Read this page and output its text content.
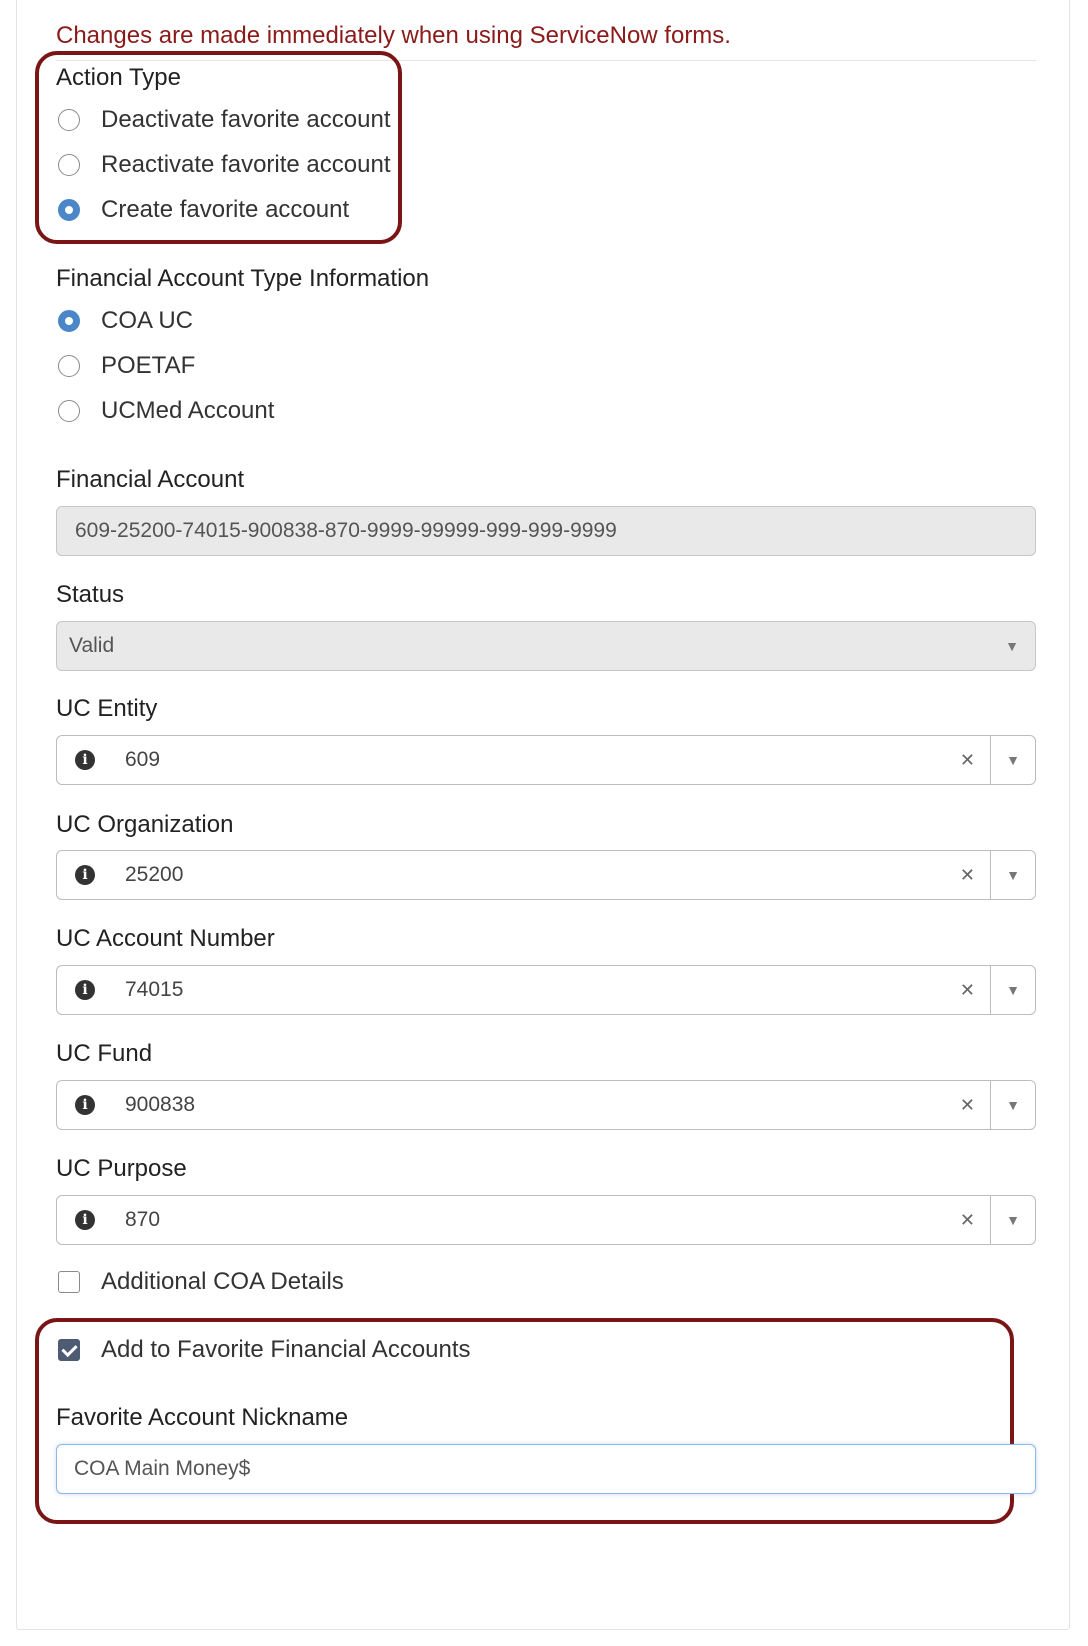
Changes are made immediately when using ServiceNow forms.
Action Type
Deactivate favorite account
Reactivate favorite account
Create favorite account
Financial Account Type Information
COA UC
POETAF
UCMed Account
Financial Account
609-25200-74015-900838-870-9999-99999-999-999-9999
Status
Valid	▼
UC Entity
i	609	✕ ▼
UC Organization
i	25200	✕ ▼
UC Account Number
i	74015	✕ ▼
UC Fund
i	900838	✕ ▼
UC Purpose
i	870	✕ ▼
Additional COA Details
Add to Favorite Financial Accounts
Favorite Account Nickname
COA Main Money$
